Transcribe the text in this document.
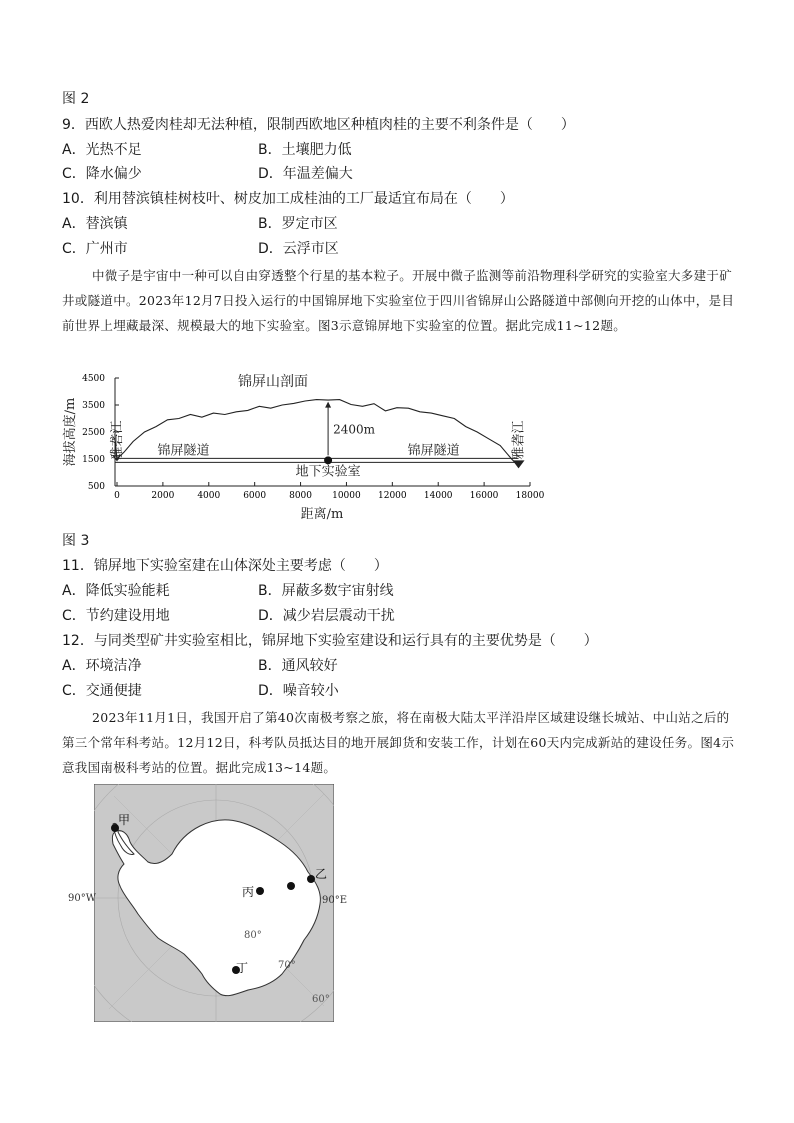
图 2
9．西欧人热爱肉桂却无法种植，限制西欧地区种植肉桂的主要不利条件是（　　）
A．光热不足	B．土壤肥力低
C．降水偏少	D．年温差偏大
10．利用替滨镇桂树枝叶、树皮加工成桂油的工厂最适宜布局在（　　）
A．替滨镇	B．罗定市区
C．广州市	D．云浮市区
中微子是宇宙中一种可以自由穿透整个行星的基本粒子。开展中微子监测等前沿物理科学研究的实验室大多建于矿井或隧道中。2023年12月7日投入运行的中国锦屏地下实验室位于四川省锦屏山公路隧道中部侧向开挖的山体中，是目前世界上埋藏最深、规模最大的地下实验室。图3示意锦屏地下实验室的位置。据此完成11~12题。
500
1500
2500
3500
4500
0	2000	4000	6000	8000 10000 12000 14000 16000 18000
锦屏山剖面
2400m
锦屏隧道	锦屏隧道
地下实验室
雅砻江	雅砻江
海拔高度/m
距离/m
图 3
11．锦屏地下实验室建在山体深处主要考虑（　　）
A．降低实验能耗	B．屏蔽多数宇宙射线
C．节约建设用地	D．减少岩层震动干扰
12．与同类型矿井实验室相比，锦屏地下实验室建设和运行具有的主要优势是（　　）
A．环境洁净	B．通风较好
C．交通便捷	D．噪音较小
2023年11月1日，我国开启了第40次南极考察之旅，将在南极大陆太平洋沿岸区域建设继长城站、中山站之后的第三个常年科考站。12月12日，科考队员抵达目的地开展卸货和安装工作，计划在60天内完成新站的建设任务。图4示意我国南极科考站的位置。据此完成13~14题。
甲
乙
丙
丁
80°
70°
60°
90°W	90°E
